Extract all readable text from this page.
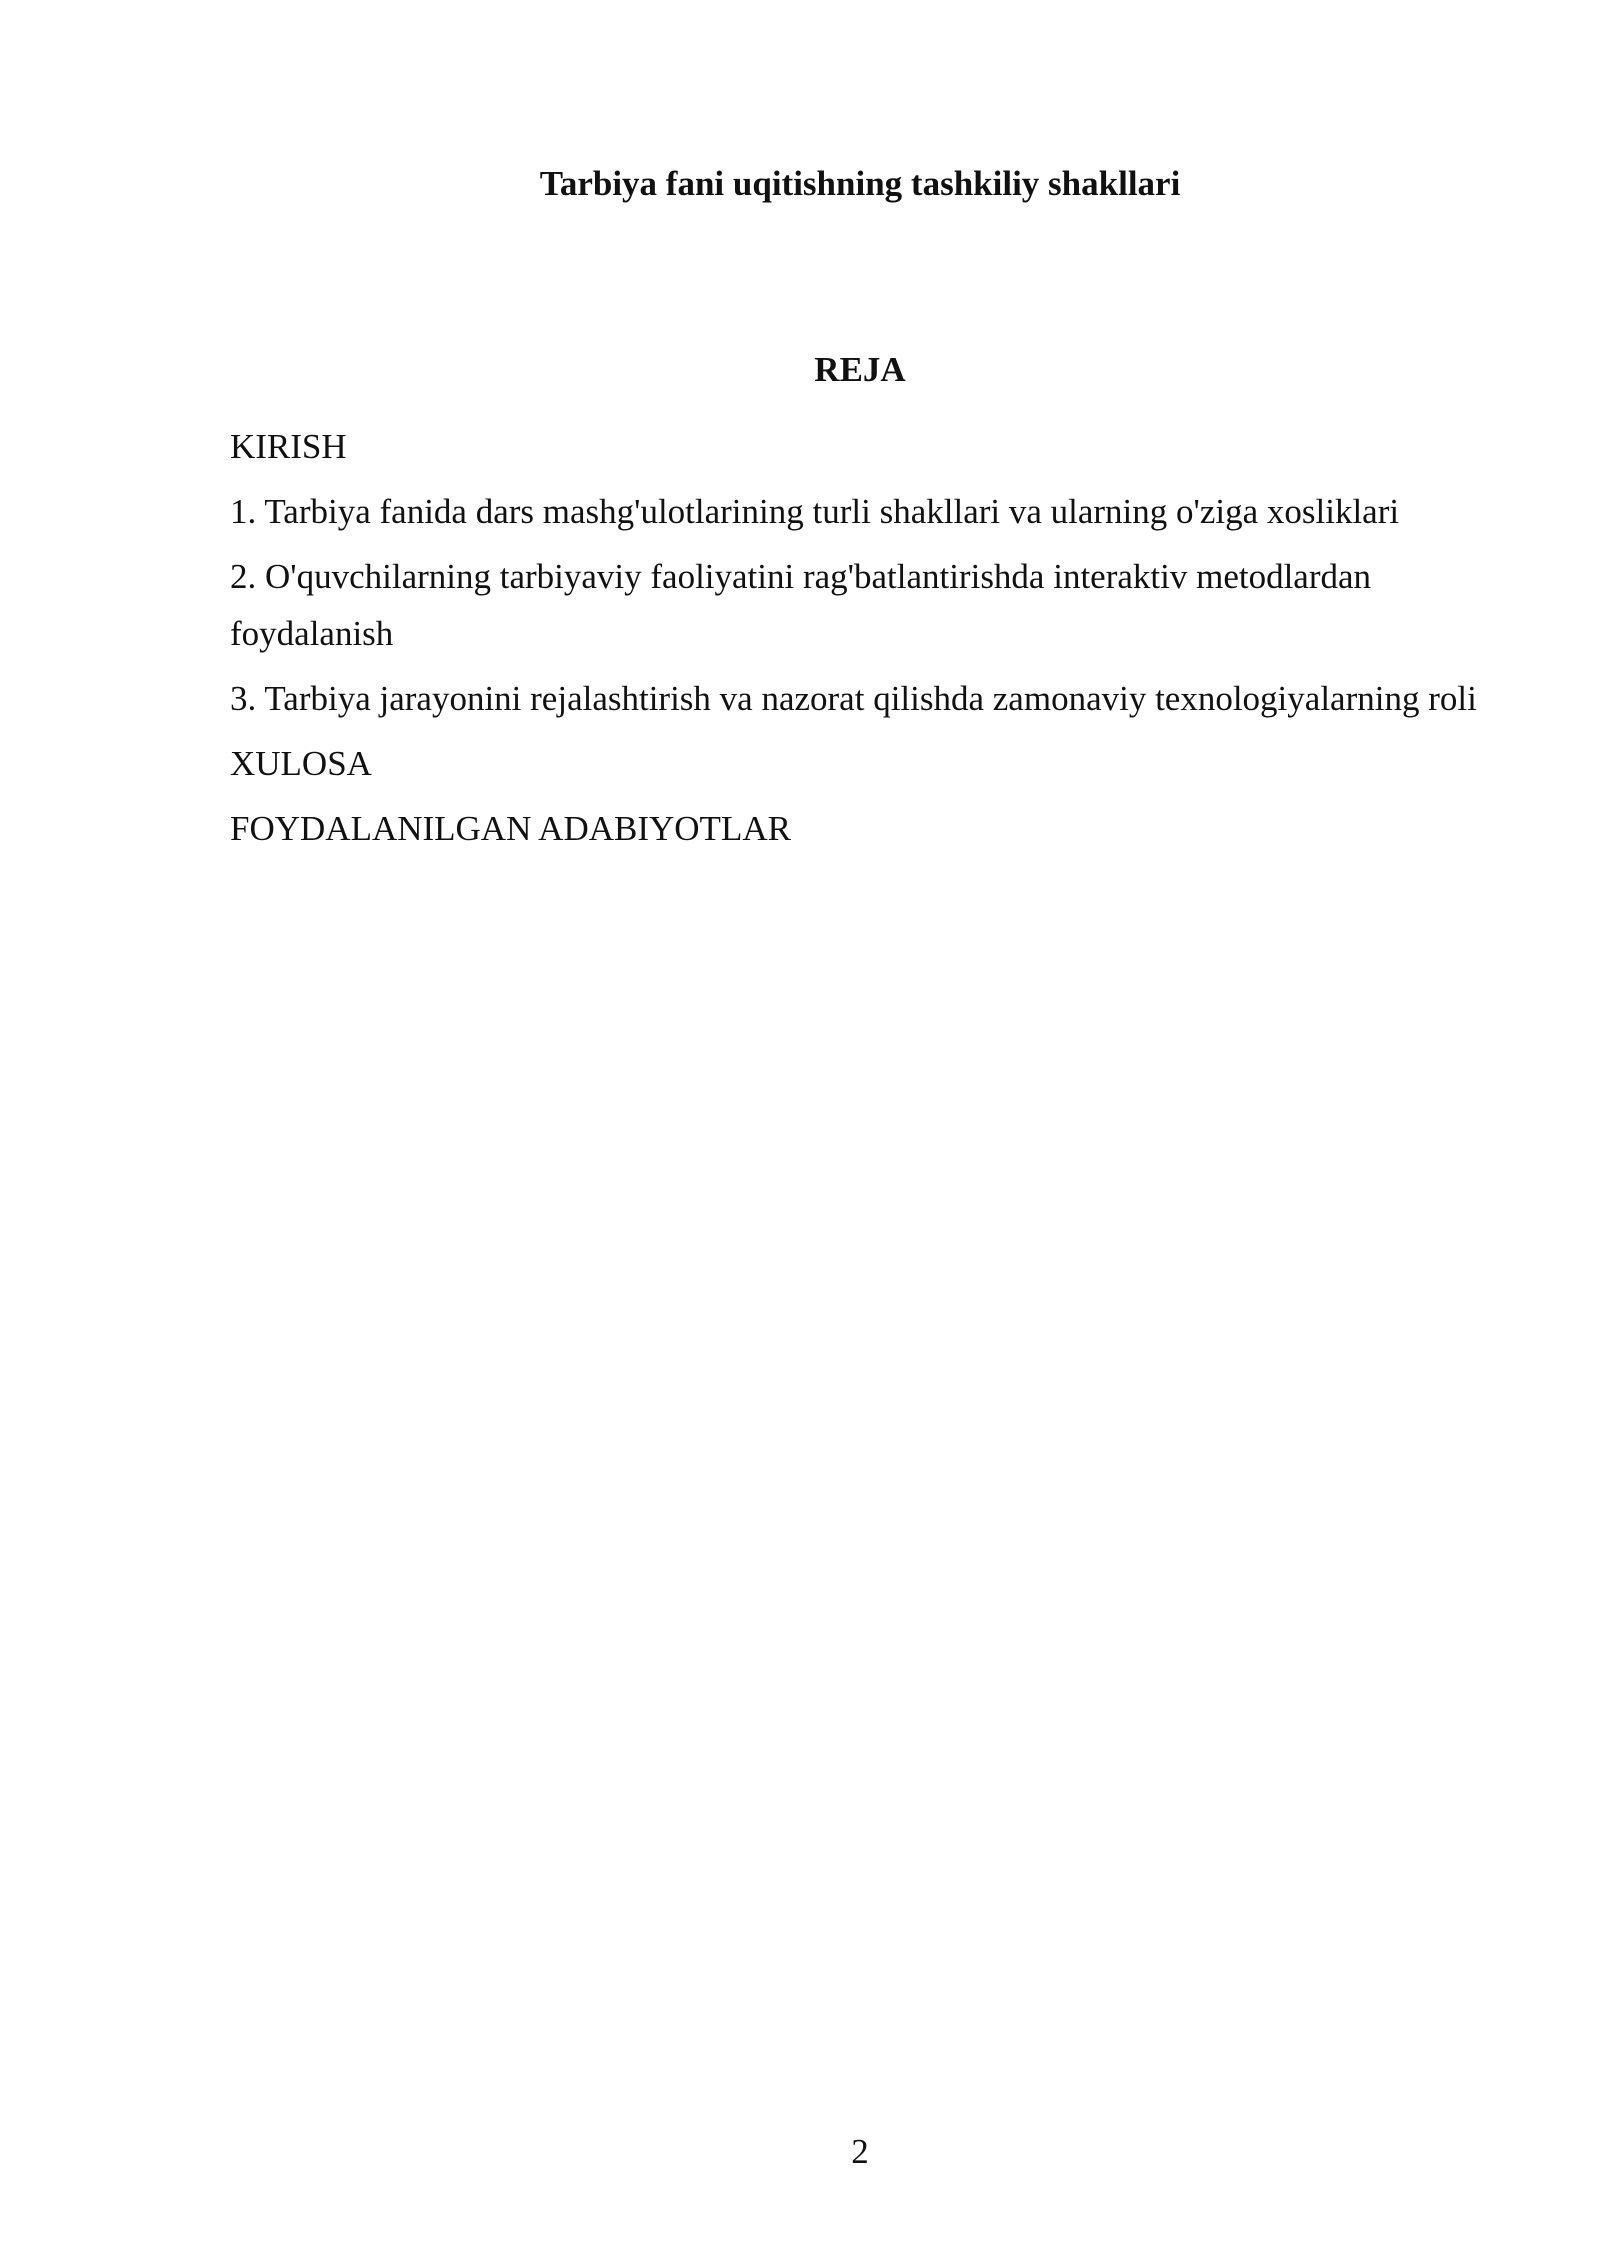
Tarbiya fani uqitishning tashkiliy shakllari
REJA
KIRISH
1. Tarbiya fanida dars mashg'ulotlarining turli shakllari va ularning o'ziga xosliklari
2. O'quvchilarning tarbiyaviy faoliyatini rag'batlantirishda interaktiv metodlardan foydalanish
3. Tarbiya jarayonini rejalashtirish va nazorat qilishda zamonaviy texnologiyalarning roli
XULOSA
FOYDALANILGAN ADABIYOTLAR
2
